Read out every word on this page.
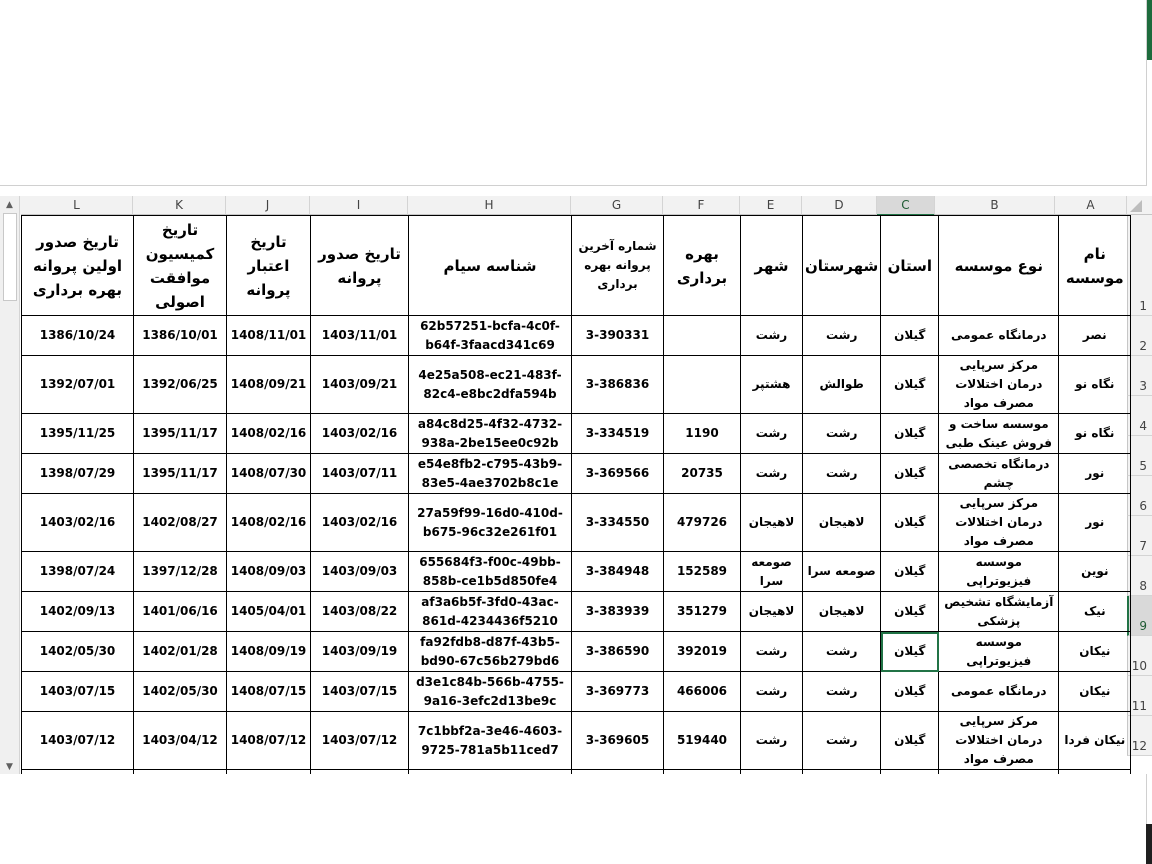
L	K	J	I	H	G	F	E	D	C	B	A
▲
▼
1
2
3
4
5
6
7
8
9
10
11
12
تاریخ صدور اولین پروانه بهره برداری	تاریخ کمیسیون موافقت اصولی	تاریخ اعتبار پروانه	تاریخ صدور پروانه	شناسه سیام	شماره آخرین پروانه بهره برداری	بهره برداری	شهر	شهرستان	استان	نوع موسسه	نام موسسه
1386/10/24	1386/10/01	1408/11/01	1403/11/01	62b57251-bcfa-4c0f-b64f-3faacd341c69	3-390331		رشت	رشت	گیلان	درمانگاه عمومی	نصر
1392/07/01	1392/06/25	1408/09/21	1403/09/21	4e25a508-ec21-483f-82c4-e8bc2dfa594b	3-386836		هشتپر	طوالش	گیلان	مرکز سرپایی درمان اختلالات مصرف مواد	نگاه نو
1395/11/25	1395/11/17	1408/02/16	1403/02/16	a84c8d25-4f32-4732-938a-2be15ee0c92b	3-334519	1190	رشت	رشت	گیلان	موسسه ساخت و فروش عینک طبی	نگاه نو
1398/07/29	1395/11/17	1408/07/30	1403/07/11	e54e8fb2-c795-43b9-83e5-4ae3702b8c1e	3-369566	20735	رشت	رشت	گیلان	درمانگاه تخصصی چشم	نور
1403/02/16	1402/08/27	1408/02/16	1403/02/16	27a59f99-16d0-410d-b675-96c32e261f01	3-334550	479726	لاهیجان	لاهیجان	گیلان	مرکز سرپایی درمان اختلالات مصرف مواد	نور
1398/07/24	1397/12/28	1408/09/03	1403/09/03	655684f3-f00c-49bb-858b-ce1b5d850fe4	3-384948	152589	صومعه سرا	صومعه سرا	گیلان	موسسه فیزیوتراپی	نوین
1402/09/13	1401/06/16	1405/04/01	1403/08/22	af3a6b5f-3fd0-43ac-861d-4234436f5210	3-383939	351279	لاهیجان	لاهیجان	گیلان	آزمایشگاه تشخیص پزشکی	نیک
1402/05/30	1402/01/28	1408/09/19	1403/09/19	fa92fdb8-d87f-43b5-bd90-67c56b279bd6	3-386590	392019	رشت	رشت	گیلان	موسسه فیزیوتراپی	نیکان
1403/07/15	1402/05/30	1408/07/15	1403/07/15	d3e1c84b-566b-4755-9a16-3efc2d13be9c	3-369773	466006	رشت	رشت	گیلان	درمانگاه عمومی	نیکان
1403/07/12	1403/04/12	1408/07/12	1403/07/12	7c1bbf2a-3e46-4603-9725-781a5b11ced7	3-369605	519440	رشت	رشت	گیلان	مرکز سرپایی درمان اختلالات مصرف مواد	نیکان فردا
